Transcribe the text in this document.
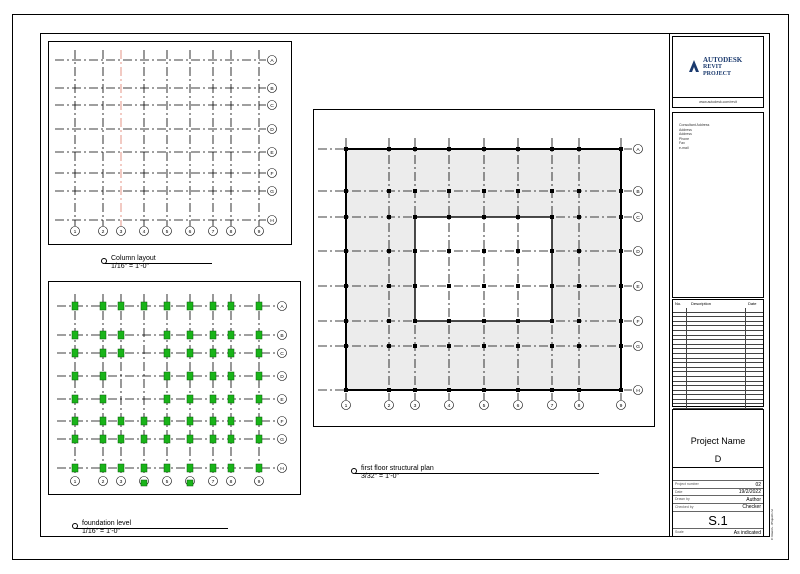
A
B
C
D
E
F
G
H
1	2	3	4	5	6	7	8	9
Column layout
1/16" = 1'-0"
A
B
C
D
E
F
G
H
1	2	3	5	7	8	9
foundation level
1/16" = 1'-0"
A
B
C
D
E
F
G
H
1	2	3	4	5	6	7	8	9
first floor structural plan
3/32" = 1'-0"
AUTODESK
REVIT
PROJECT
www.autodesk.com/revit
Consultant Address
Address
Address
Phone
Fax
e-mail
No. Description	Date
Project Name
D
Project number	02
Date	19/2/2022
Drawn by	Author
Checked by	Checker
S.1
Scale	As indicated	C:\Users\...\Project1.rvt
